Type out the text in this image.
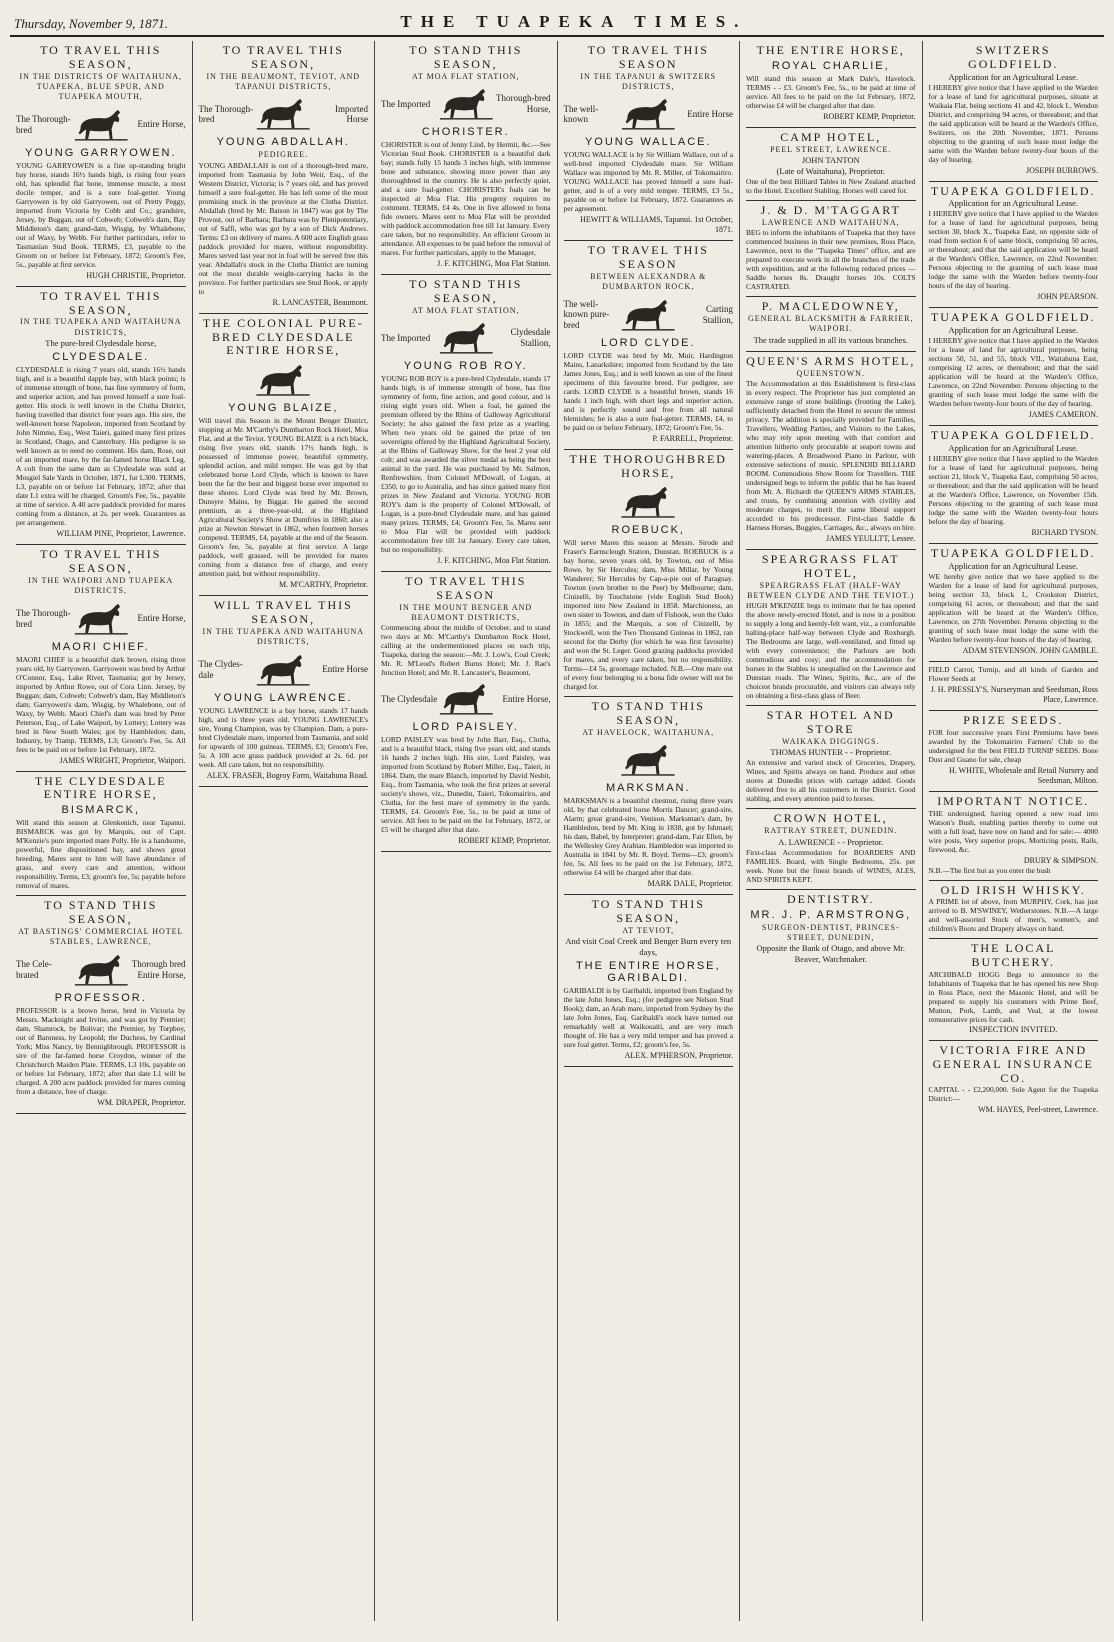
Thursday, November 9, 1871.	THE TUAPEKA TIMES.
TO TRAVEL THIS SEASON,
IN THE DISTRICTS OF WAITAHUNA, TUAPEKA, BLUE SPUR, AND TUAPEKA MOUTH,
The Thorough-bred
Entire Horse,
YOUNG GARRYOWEN.
YOUNG GARRYOWEN is a fine up-standing bright bay horse, stands 16½ hands high, is rising four years old, has splendid flat bone, immense muscle, a most docile temper, and is a sure foal-getter. Young Garryowen is by old Garryowen, out of Pretty Peggy, imported from Victoria by Cobb and Co.; grandsire, Jersey, by Buggan, out of Cobweb; Cobweb's dam, Bay Middleton's dam; grand-dam, Wisgig, by Whalebone, out of Waxy, by Webb. For further particulars, refer to Tasmanian Stud Book. TERMS, £3, payable to the Groom on or before 1st February, 1872; Groom's Fee, 5s., payable at first service.
HUGH CHRISTIE, Proprietor.
TO TRAVEL THIS SEASON,
IN THE TUAPEKA AND WAITAHUNA DISTRICTS,
The pure-bred Clydesdale horse,
CLYDESDALE.
CLYDESDALE is rising 7 years old, stands 16½ hands high, and is a beautiful dapple bay, with black points; is of immense strength of bone, has fine symmetry of form, and superior action, and has proved himself a sure foal-getter. His stock is well known in the Clutha District, having travelled that district four years ago. His sire, the well-known horse Napoleon, imported from Scotland by John Nimmo, Esq., West Taieri, gained many first prizes in Scotland, Otago, and Canterbury. His pedigree is so well known as to need no comment. His dam, Rose, out of an imported mare, by the far-famed horse Black Leg. A colt from the same dam as Clydesdale was sold at Mosgiel Sale Yards in October, 1871, for L300. TERMS, L3, payable on or before 1st February, 1872; after that date L1 extra will be charged. Groom's Fee, 5s., payable at time of service. A 40 acre paddock provided for mares coming from a distance, at 2s. per week. Guarantees as per arrangement.
WILLIAM PINE, Proprietor, Lawrence.
TO TRAVEL THIS SEASON,
IN THE WAIPORI AND TUAPEKA DISTRICTS,
The Thorough-bred
Entire Horse,
MAORI CHIEF.
MAORI CHIEF is a beautiful dark brown, rising three years old, by Garryowen. Garryowen was bred by Arthur O'Connor, Esq., Lake River, Tasmania; got by Jersey, imported by Arthur Rowe, out of Cora Linn. Jersey, by Buggan; dam, Cobweb; Cobweb's dam, Bay Middleton's dam; Garryowen's dam, Wisgig, by Whalebone, out of Waxy, by Webb. Maori Chief's dam was bred by Peter Peterson, Esq., of Lake Waipori, by Lottery; Lottery was bred in New South Wales; got by Hambledon; dam, Industry, by Tramp. TERMS, L3; Groom's Fee, 5s. All fees to be paid on or before 1st February, 1872.
JAMES WRIGHT, Proprietor, Waipori.
THE CLYDESDALE ENTIRE HORSE,
BISMARCK,
Will stand this season at Glenkenich, near Tapanui. BISMARCK was got by Marquis, out of Capt. M'Kenzie's pure imported mare Polly. He is a handsome, powerful, fine dispositioned bay, and shows great breeding. Mares sent to him will have abundance of grass, and every care and attention, without responsibility. Terms, £3; groom's fee, 5s; payable before removal of mares.
TO STAND THIS SEASON,
AT BASTINGS' COMMERCIAL HOTEL STABLES, LAWRENCE,
The Cele-brated
Thorough bred Entire Horse,
PROFESSOR.
PROFESSOR is a brown horse, bred in Victoria by Messrs. Macknight and Irvine, and was got by Premier; dam, Shamrock, by Bolivar; the Premier, by Torpboy, out of Baroness, by Leopold; the Duchess, by Cardinal York; Miss Nancy, by Bennighbrough. PROFESSOR is sire of the far-famed horse Croydon, winner of the Christchurch Maiden Plate. TERMS, L3 10s, payable on or before 1st February, 1872; after that date L1 will be charged. A 200 acre paddock provided for mares coming from a distance, free of charge.
WM. DRAPER, Proprietor.
TO TRAVEL THIS SEASON,
IN THE BEAUMONT, TEVIOT, AND TAPANUI DISTRICTS,
The Thorough-bred
Imported Horse
YOUNG ABDALLAH.
PEDIGREE.
YOUNG ABDALLAH is out of a thorough-bred mare, imported from Tasmania by John Weir, Esq., of the Western District, Victoria; is 7 years old, and has proved himself a sure foal-getter. He has left some of the most promising stock in the province at the Clutha District. Abdallah (bred by Mr. Batson in 1847) was got by The Provost, out of Barbara; Barbara was by Plenipotentiary, out of Saffi, who was got by a son of Dick Andrews. Terms: £3 on delivery of mares. A 600 acre English grass paddock provided for mares, without responsibility. Mares served last year not in foal will be served free this year. Abdallah's stock in the Clutha District are turning out the most durable weight-carrying hacks in the province. For further particulars see Stud Book, or apply to
R. LANCASTER, Beaumont.
THE COLONIAL PURE-BRED CLYDESDALE ENTIRE HORSE,
YOUNG BLAIZE,
Will travel this Season in the Mount Benger District, stopping at Mr. M'Carthy's Dumbarton Rock Hotel, Moa Flat, and at the Teviot. YOUNG BLAIZE is a rich black, rising five years old, stands 17½ hands high, is possessed of immense power, beautiful symmetry, splendid action, and mild temper. He was got by that celebrated horse Lord Clyde, which is known to have been the far the best and biggest horse ever imported to these shores. Lord Clyde was bred by Mr. Brown, Dunsyre Mains, by Biggar. He gained the second premium, as a three-year-old, at the Highland Agricultural Society's Show at Dumfries in 1860; also a prize at Newton Stewart in 1862, when fourteen horses competed. TERMS, £4, payable at the end of the Season. Groom's fee, 5s, payable at first service. A large paddock, well grassed, will be provided for mares coming from a distance free of charge, and every attention paid, but without responsibility.
M. M'CARTHY, Proprietor.
WILL TRAVEL THIS SEASON,
IN THE TUAPEKA AND WAITAHUNA DISTRICTS,
The Clydes-dale
Entire Horse
YOUNG LAWRENCE.
YOUNG LAWRENCE is a bay horse, stands 17 hands high, and is three years old. YOUNG LAWRENCE's sire, Young Champion, was by Champion. Dam, a pure-bred Clydesdale mare, imported from Tasmania, and sold for upwards of 100 guineas. TERMS, £3; Groom's Fee, 5s. A 100 acre grass paddock provided at 2s. 6d. per week. All care taken, but no responsibility.
ALEX. FRASER, Bogroy Farm, Waitahuna Road.
TO STAND THIS SEASON,
AT MOA FLAT STATION,
The Imported
Thorough-bred Horse,
CHORISTER.
CHORISTER is out of Jenny Lind, by Hermit, &c.—See Victorian Stud Book. CHORISTER is a beautiful dark bay; stands fully 15 hands 3 inches high, with immense bone and substance, showing more power than any thoroughbred in the country. He is also perfectly quiet, and a sure foal-getter. CHORISTER's foals can be inspected at Moa Flat. His progeny requires no comment. TERMS, £4 4s. One in five allowed to bona fide owners. Mares sent to Moa Flat will be provided with paddock accommodation free till 1st January. Every care taken, but no responsibility. An efficient Groom in attendance. All expenses to be paid before the removal of mares. For further particulars, apply to the Manager,
J. F. KITCHING, Moa Flat Station.
TO STAND THIS SEASON,
AT MOA FLAT STATION,
The Imported
Clydesdale Stallion,
YOUNG ROB ROY.
YOUNG ROB ROY is a pure-bred Clydesdale, stands 17 hands high, is of immense strength of bone, has fine symmetry of form, fine action, and good colour, and is rising eight years old. When a foal, he gained the premium offered by the Rhins of Galloway Agricultural Society; he also gained the first prize as a yearling. When two years old he gained the prize of ten sovereigns offered by the Highland Agricultural Society, at the Rhins of Galloway Show, for the best 2 year old colt; and was awarded the silver medal as being the best animal in the yard. He was purchased by Mr. Salmon, Renfrewshire, from Colonel M'Dowall, of Logan, at £350, to go to Australia, and has since gained many first prizes in New Zealand and Victoria. YOUNG ROB ROY's dam is the property of Colonel M'Dowall, of Logan, is a pure-bred Clydesdale mare, and has gained many prizes. TERMS, £4; Groom's Fee, 5s. Mares sent to Moa Flat will be provided with paddock accommodation free till 1st January. Every care taken, but no responsibility.
J. F. KITCHING, Moa Flat Station.
TO TRAVEL THIS SEASON
IN THE MOUNT BENGER AND BEAUMONT DISTRICTS,
Commencing about the middle of October, and to stand two days at Mr. M'Carthy's Dumbarton Rock Hotel, calling at the undermentioned places on each trip, Tuapeka, during the season:—Mr. J. Low's, Coal Creek; Mr. R. M'Leod's Robert Burns Hotel; Mr. J. Rae's Junction Hotel; and Mr. R. Lancaster's, Beaumont,
The Clydesdale	Entire Horse,
LORD PAISLEY.
LORD PAISLEY was bred by John Barr, Esq., Clutha, and is a beautiful black, rising five years old, and stands 16 hands 2 inches high. His sire, Lord Paisley, was imported from Scotland by Robert Miller, Esq., Taieri, in 1864. Dam, the mare Blanch, imported by David Nesbit, Esq., from Tasmania, who took the first prizes at several society's shows, viz., Dunedin, Taieri, Tokomairiro, and Clutha, for the best mare of symmetry in the yards. TERMS, £4. Groom's Fee, 5s., to be paid at time of service. All fees to be paid on the 1st February, 1872, or £5 will be charged after that date.
ROBERT KEMP, Proprietor.
TO TRAVEL THIS SEASON
IN THE TAPANUI & SWITZERS DISTRICTS,
The well-known
Entire Horse
YOUNG WALLACE.
YOUNG WALLACE is by Sir William Wallace, out of a well-bred imported Clydesdale mare. Sir William Wallace was imported by Mr. R. Miller, of Tokomairiro. YOUNG WALLACE has proved himself a sure foal-getter, and is of a very mild temper. TERMS, £3 5s., payable on or before 1st February, 1872. Guarantees as per agreement.
HEWITT & WILLIAMS, Tapanui. 1st October, 1871.
TO TRAVEL THIS SEASON
BETWEEN ALEXANDRA & DUMBARTON ROCK,
The well-known pure-bred
Carting Stallion,
LORD CLYDE.
LORD CLYDE was bred by Mr. Muir, Hardington Mains, Lanarkshire; imported from Scotland by the late James Jones, Esq.; and is well known as one of the finest specimens of this favourite breed. For pedigree, see cards. LORD CLYDE is a beautiful brown, stands 16 hands 1 inch high, with short legs and superior action, and is perfectly sound and free from all natural blemishes; he is also a sure foal-getter. TERMS, £4, to be paid on or before February, 1872; Groom's Fee, 5s.
P. FARRELL, Proprietor.
THE THOROUGHBRED HORSE,
ROEBUCK,
Will serve Mares this season at Messrs. Sirode and Fraser's Earnscleugh Station, Dunstan. ROEBUCK is a bay horse, seven years old, by Towton, out of Miss Rowe, by Sir Hercules; dam, Miss Millar, by Young Wanderer; Sir Hercules by Cap-a-pie out of Paraguay. Towton (own brother to the Peer) by Melbourne; dam, Cinizelli, by Touchstone (vide English Stud Book) imported into New Zealand in 1858. Marchioness, an own sister to Towton, and dam of Fishook, won the Oaks in 1855; and the Marquis, a son of Cinizelli, by Stockwell, won the Two Thousand Guineas in 1862, ran second for the Derby (for which he was first favourite) and won the St. Leger. Good grazing paddocks provided for mares, and every care taken, but no responsibility. Terms—£4 5s, groomage included. N.B.—One mare out of every four belonging to a bona fide owner will not be charged for.
TO STAND THIS SEASON,
AT HAVELOCK, WAITAHUNA,
MARKSMAN.
MARKSMAN is a beautiful chestnut, rising three years old, by that celebrated horse Morris Dancer; grand-sire, Alarm; great grand-sire, Venison. Marksman's dam, by Hambledon, bred by Mr. King in 1838, got by Ishmael; his dam, Babel, by Interpreter; grand-dam, Fair Ellen, by the Wellesley Grey Arabian. Hambledon was imported to Australia in 1841 by Mr. R. Boyd. Terms—£3; groom's fee, 5s. All fees to be paid on the 1st February, 1872, otherwise £4 will be charged after that date.
MARK DALE, Proprietor.
TO STAND THIS SEASON,
AT TEVIOT,
And visit Coal Creek and Benger Burn every ten days,
THE ENTIRE HORSE, GARIBALDI.
GARIBALDI is by Garibaldi, imported from England by the late John Jones, Esq.; (for pedigree see Nelson Stud Book); dam, an Arab mare, imported from Sydney by the late John Jones, Esq. Garibaldi's stock have turned out remarkably well at Waikouaiti, and are very much thought of. He has a very mild temper and has proved a sure foal getter. Terms, £2; groom's fee, 5s.
ALEX. M'PHERSON, Proprietor.
THE ENTIRE HORSE,
ROYAL CHARLIE,
Will stand this season at Mark Dale's, Havelock. TERMS - - £3. Groom's Fee, 5s., to be paid at time of service. All fees to be paid on the 1st February, 1872, otherwise £4 will be charged after that date.
ROBERT KEMP, Proprietor.
CAMP HOTEL,
PEEL STREET, LAWRENCE.
JOHN TANTON
(Late of Waitahuna), Proprietor.
One of the best Billiard Tables in New Zealand attached to the Hotel. Excellent Stabling. Horses well cared for.
J. & D. M'TAGGART
LAWRENCE AND WAITAHUNA,
BEG to inform the inhabitants of Tuapeka that they have commenced business in their new premises, Ross Place, Lawrence, next to the "Tuapeka Times" office, and are prepared to execute work in all the branches of the trade with expedition, and at the following reduced prices — Saddle horses 8s. Draught horses 10s. COLTS CASTRATED.
P. MACLEDOWNEY,
GENERAL BLACKSMITH & FARRIER, WAIPORI.
The trade supplied in all its various branches.
QUEEN'S ARMS HOTEL,
QUEENSTOWN.
The Accommodation at this Establishment is first-class in every respect. The Proprietor has just completed an extensive range of stone buildings (fronting the Lake), sufficiently detached from the Hotel to secure the utmost privacy. The addition is specially provided for Families, Travellers, Wedding Parties, and Visitors to the Lakes, who may rely upon meeting with that comfort and attention hitherto only procurable at seaport towns and watering-places. A Broadwood Piano in Parlour, with extensive selections of music. SPLENDID BILLIARD ROOM. Commodious Show Room for Travellers. THE undersigned begs to inform the public that he has leased from Mr. A. Richardt the QUEEN'S ARMS STABLES, and trusts, by combining attention with civility and moderate charges, to merit the same liberal support accorded to his predecessor. First-class Saddle & Harness Horses, Buggies, Carriages, &c., always on hire.
JAMES YEULLTT, Lessee.
SPEARGRASS FLAT HOTEL,
SPEARGRASS FLAT (HALF-WAY BETWEEN CLYDE AND THE TEVIOT.)
HUGH M'KENZIE begs to intimate that he has opened the above newly-erected Hotel, and is now in a position to supply a long and keenly-felt want, viz., a comfortable halting-place half-way between Clyde and Roxburgh. The Bedrooms are large, well-ventilated, and fitted up with every convenience; the Parlours are both commodious and cosy; and the accommodation for horses in the Stables is unequalled on the Lawrence and Dunstan roads. The Wines, Spirits, &c., are of the choicest brands procurable, and visitors can always rely on obtaining a first-class glass of Beer.
STAR HOTEL AND STORE
WAIKAKA DIGGINGS.
THOMAS HUNTER - - Proprietor.
An extensive and varied stock of Groceries, Drapery, Wines, and Spirits always on hand. Produce and other stores at Dunedin prices with cartage added. Goods delivered free to all his customers in the District. Good stabling, and every attention paid to horses.
CROWN HOTEL,
RATTRAY STREET, DUNEDIN.
A. LAWRENCE - - Proprietor.
First-class Accommodation for BOARDERS AND FAMILIES. Board, with Single Bedrooms, 25s. per week. None but the finest brands of WINES, ALES, AND SPIRITS KEPT.
DENTISTRY.
MR. J. P. ARMSTRONG,
SURGEON-DENTIST, PRINCES-STREET, DUNEDIN,
Opposite the Bank of Otago, and above Mr. Beaver, Watchmaker.
SWITZERS GOLDFIELD.
Application for an Agricultural Lease.
I HEREBY give notice that I have applied to the Warden for a lease of land for agricultural purposes, situate at Waikaia Flat, being sections 41 and 42, block I., Wendon District, and comprising 94 acres, or thereabout; and that the said application will be heard at the Warden's Office, Switzers, on the 20th November, 1871. Persons objecting to the granting of such lease must lodge the same with the Warden before twenty-four hours of the day of hearing.
JOSEPH BURROWS.
TUAPEKA GOLDFIELD.
Application for an Agricultural Lease.
I HEREBY give notice that I have applied to the Warden for a lease of land for agricultural purposes, being section 30, block X., Tuapeka East, on opposite side of road from section 6 of same block, comprising 50 acres, or thereabout; and that the said application will be heard at the Warden's Office, Lawrence, on 22nd November. Persons objecting to the granting of such lease must lodge the same with the Warden before twenty-four hours of the day of hearing.
JOHN PEARSON.
TUAPEKA GOLDFIELD.
Application for an Agricultural Lease.
I HEREBY give notice that I have applied to the Warden for a lease of land for agricultural purposes, being sections 50, 51, and 55, block VII., Waitahuna East, comprising 12 acres, or thereabout; and that the said application will be heard at the Warden's Office, Lawrence, on 22nd November. Persons objecting to the granting of such lease must lodge the same with the Warden before twenty-four hours of the day of hearing.
JAMES CAMERON.
TUAPEKA GOLDFIELD.
Application for an Agricultural Lease.
I HEREBY give notice that I have applied to the Warden for a lease of land for agricultural purposes, being section 21, block V., Tuapeka East, comprising 50 acres, or thereabout; and that the said application will be heard at the Warden's Office, Lawrence, on November 15th. Persons objecting to the granting of such lease must lodge the same with the Warden twenty-four hours before the day of hearing.
RICHARD TYSON.
TUAPEKA GOLDFIELD.
Application for an Agricultural Lease.
WE hereby give notice that we have applied to the Warden for a lease of land for agricultural purposes, being section 33, block I., Crookston District, comprising 61 acres, or thereabout; and that the said application will be heard at the Warden's Office, Lawrence, on 27th November. Persons objecting to the granting of such lease must lodge the same with the Warden before twenty-four hours of the day of hearing.
ADAM STEVENSON. JOHN GAMBLE.
FIELD Carrot, Turnip, and all kinds of Garden and Flower Seeds at
J. H. PRESSLY'S, Nurseryman and Seedsman, Ross Place, Lawrence.
PRIZE SEEDS.
FOR four successive years First Premiums have been awarded by the Tokomairiro Farmers' Club to the undersigned for the best FIELD TURNIP SEEDS. Bone Dust and Guano for sale, cheap
H. WHITE, Wholesale and Retail Nursery and Seedsman, Milton.
IMPORTANT NOTICE.
THE undersigned, having opened a new road into Watson's Bush, enabling parties thereby to come out with a full load, have now on hand and for sale:— 4000 wire posts, Very superior props, Morticing posts, Rails, firewood, &c.
DRURY & SIMPSON.
N.B.—The first hut as you enter the bush
OLD IRISH WHISKY.
A PRIME lot of above, from MURPHY, Cork, has just arrived to B. M'SWINEY, Wetherstones. N.B.—A large and well-assorted Stock of men's, women's, and children's Boots and Drapery always on hand.
THE LOCAL BUTCHERY.
ARCHIBALD HOGG Begs to announce to the Inhabitants of Tuapeka that he has opened his new Shop in Ross Place, next the Masonic Hotel, and will be prepared to supply his customers with Prime Beef, Mutton, Pork, Lamb, and Veal, at the lowest remunerative prices for cash.
INSPECTION INVITED.
VICTORIA FIRE AND GENERAL INSURANCE CO.
CAPITAL - - £2,200,000. Sole Agent for the Tuapeka District:—
WM. HAYES, Peel-street, Lawrence.
